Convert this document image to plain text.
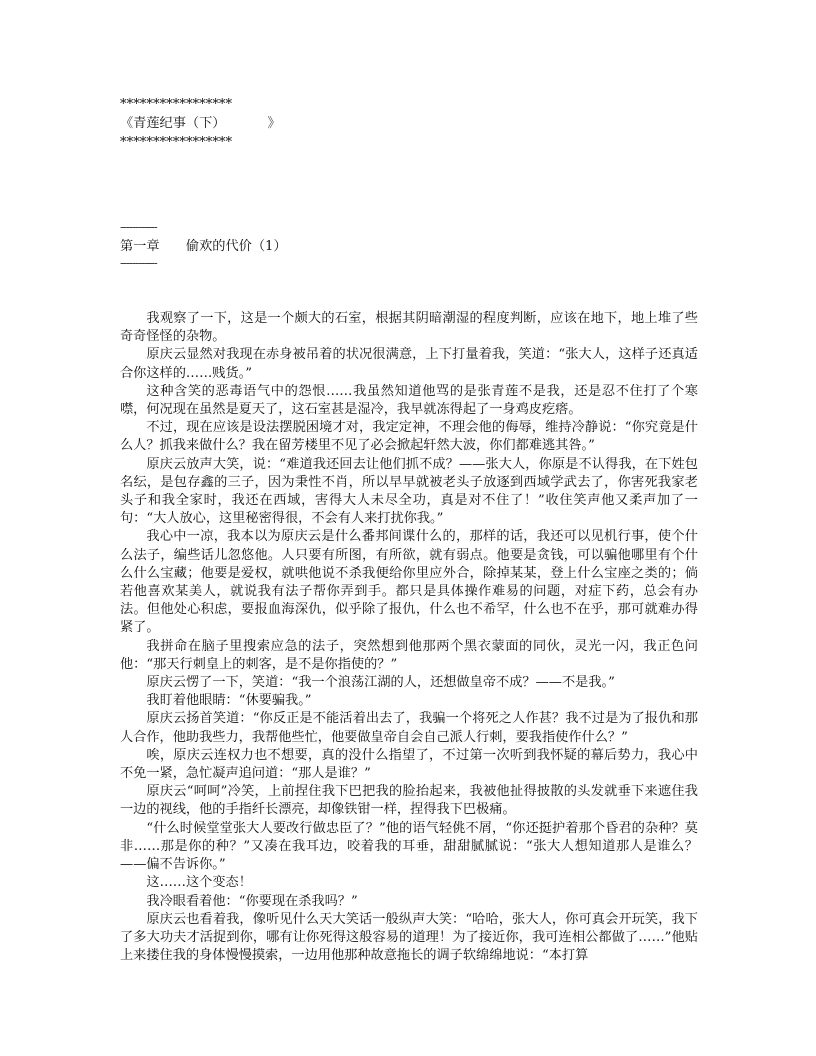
*****************
《青莲纪事（下）          》
*****************
------------
第一章　　偷欢的代价（1）
------------

我观察了一下，这是一个颇大的石室，根据其阴暗潮湿的程度判断，应该在地下，地上堆了些奇奇怪怪的杂物。

原庆云显然对我现在赤身被吊着的状况很满意，上下打量着我，笑道：“张大人，这样子还真适合你这样的……贱货。”

这种含笑的恶毒语气中的怨恨……我虽然知道他骂的是张青莲不是我，还是忍不住打了个寒噤，何况现在虽然是夏天了，这石室甚是湿冷，我早就冻得起了一身鸡皮疙瘩。

不过，现在应该是设法摆脱困境才对，我定定神，不理会他的侮辱，维持冷静说：“你究竟是什么人？抓我来做什么？我在留芳楼里不见了必会掀起轩然大波，你们都难逃其咎。”

原庆云放声大笑，说：“难道我还回去让他们抓不成？——张大人，你原是不认得我，在下姓包名纭，是包存鑫的三子，因为秉性不肖，所以早早就被老头子放逐到西域学武去了，你害死我家老头子和我全家时，我还在西域，害得大人未尽全功，真是对不住了！”收住笑声他又柔声加了一句：“大人放心，这里秘密得很，不会有人来打扰你我。”

我心中一凉，我本以为原庆云是什么番邦间谍什么的，那样的话，我还可以见机行事，使个什么法子，编些话儿忽悠他。人只要有所图，有所欲，就有弱点。他要是贪钱，可以骗他哪里有个什么什么宝藏；他要是爱权，就哄他说不杀我便给你里应外合，除掉某某，登上什么宝座之类的；倘若他喜欢某美人，就说我有法子帮你弄到手。都只是具体操作难易的问题，对症下药，总会有办法。但他处心积虑，要报血海深仇，似乎除了报仇，什么也不希罕，什么也不在乎，那可就难办得紧了。

我拼命在脑子里搜索应急的法子，突然想到他那两个黑衣蒙面的同伙，灵光一闪，我正色问他：“那天行刺皇上的刺客，是不是你指使的？”

原庆云愣了一下，笑道：“我一个浪荡江湖的人，还想做皇帝不成？——不是我。”

我盯着他眼睛：“休要骗我。”

原庆云扬首笑道：“你反正是不能活着出去了，我骗一个将死之人作甚？我不过是为了报仇和那人合作，他助我些力，我帮他些忙，他要做皇帝自会自己派人行刺，要我指使作什么？”

唉，原庆云连权力也不想要，真的没什么指望了，不过第一次听到我怀疑的幕后势力，我心中不免一紧，急忙凝声追问道：“那人是谁？”

原庆云“呵呵”冷笑，上前捏住我下巴把我的脸抬起来，我被他扯得披散的头发就垂下来遮住我一边的视线，他的手指纤长漂亮，却像铁钳一样，捏得我下巴极痛。

“什么时候堂堂张大人要改行做忠臣了？”他的语气轻佻不屑，“你还挺护着那个昏君的杂种？莫非……那是你的种？”又凑在我耳边，咬着我的耳垂，甜甜腻腻说：“张大人想知道那人是谁么？——偏不告诉你。”

这……这个变态！

我冷眼看着他：“你要现在杀我吗？”

原庆云也看着我，像听见什么天大笑话一般纵声大笑：“哈哈，张大人，你可真会开玩笑，我下了多大功夫才活捉到你，哪有让你死得这般容易的道理！为了接近你，我可连相公都做了……”他贴上来搂住我的身体慢慢摸索，一边用他那种故意拖长的调子软绵绵地说：“本打算
